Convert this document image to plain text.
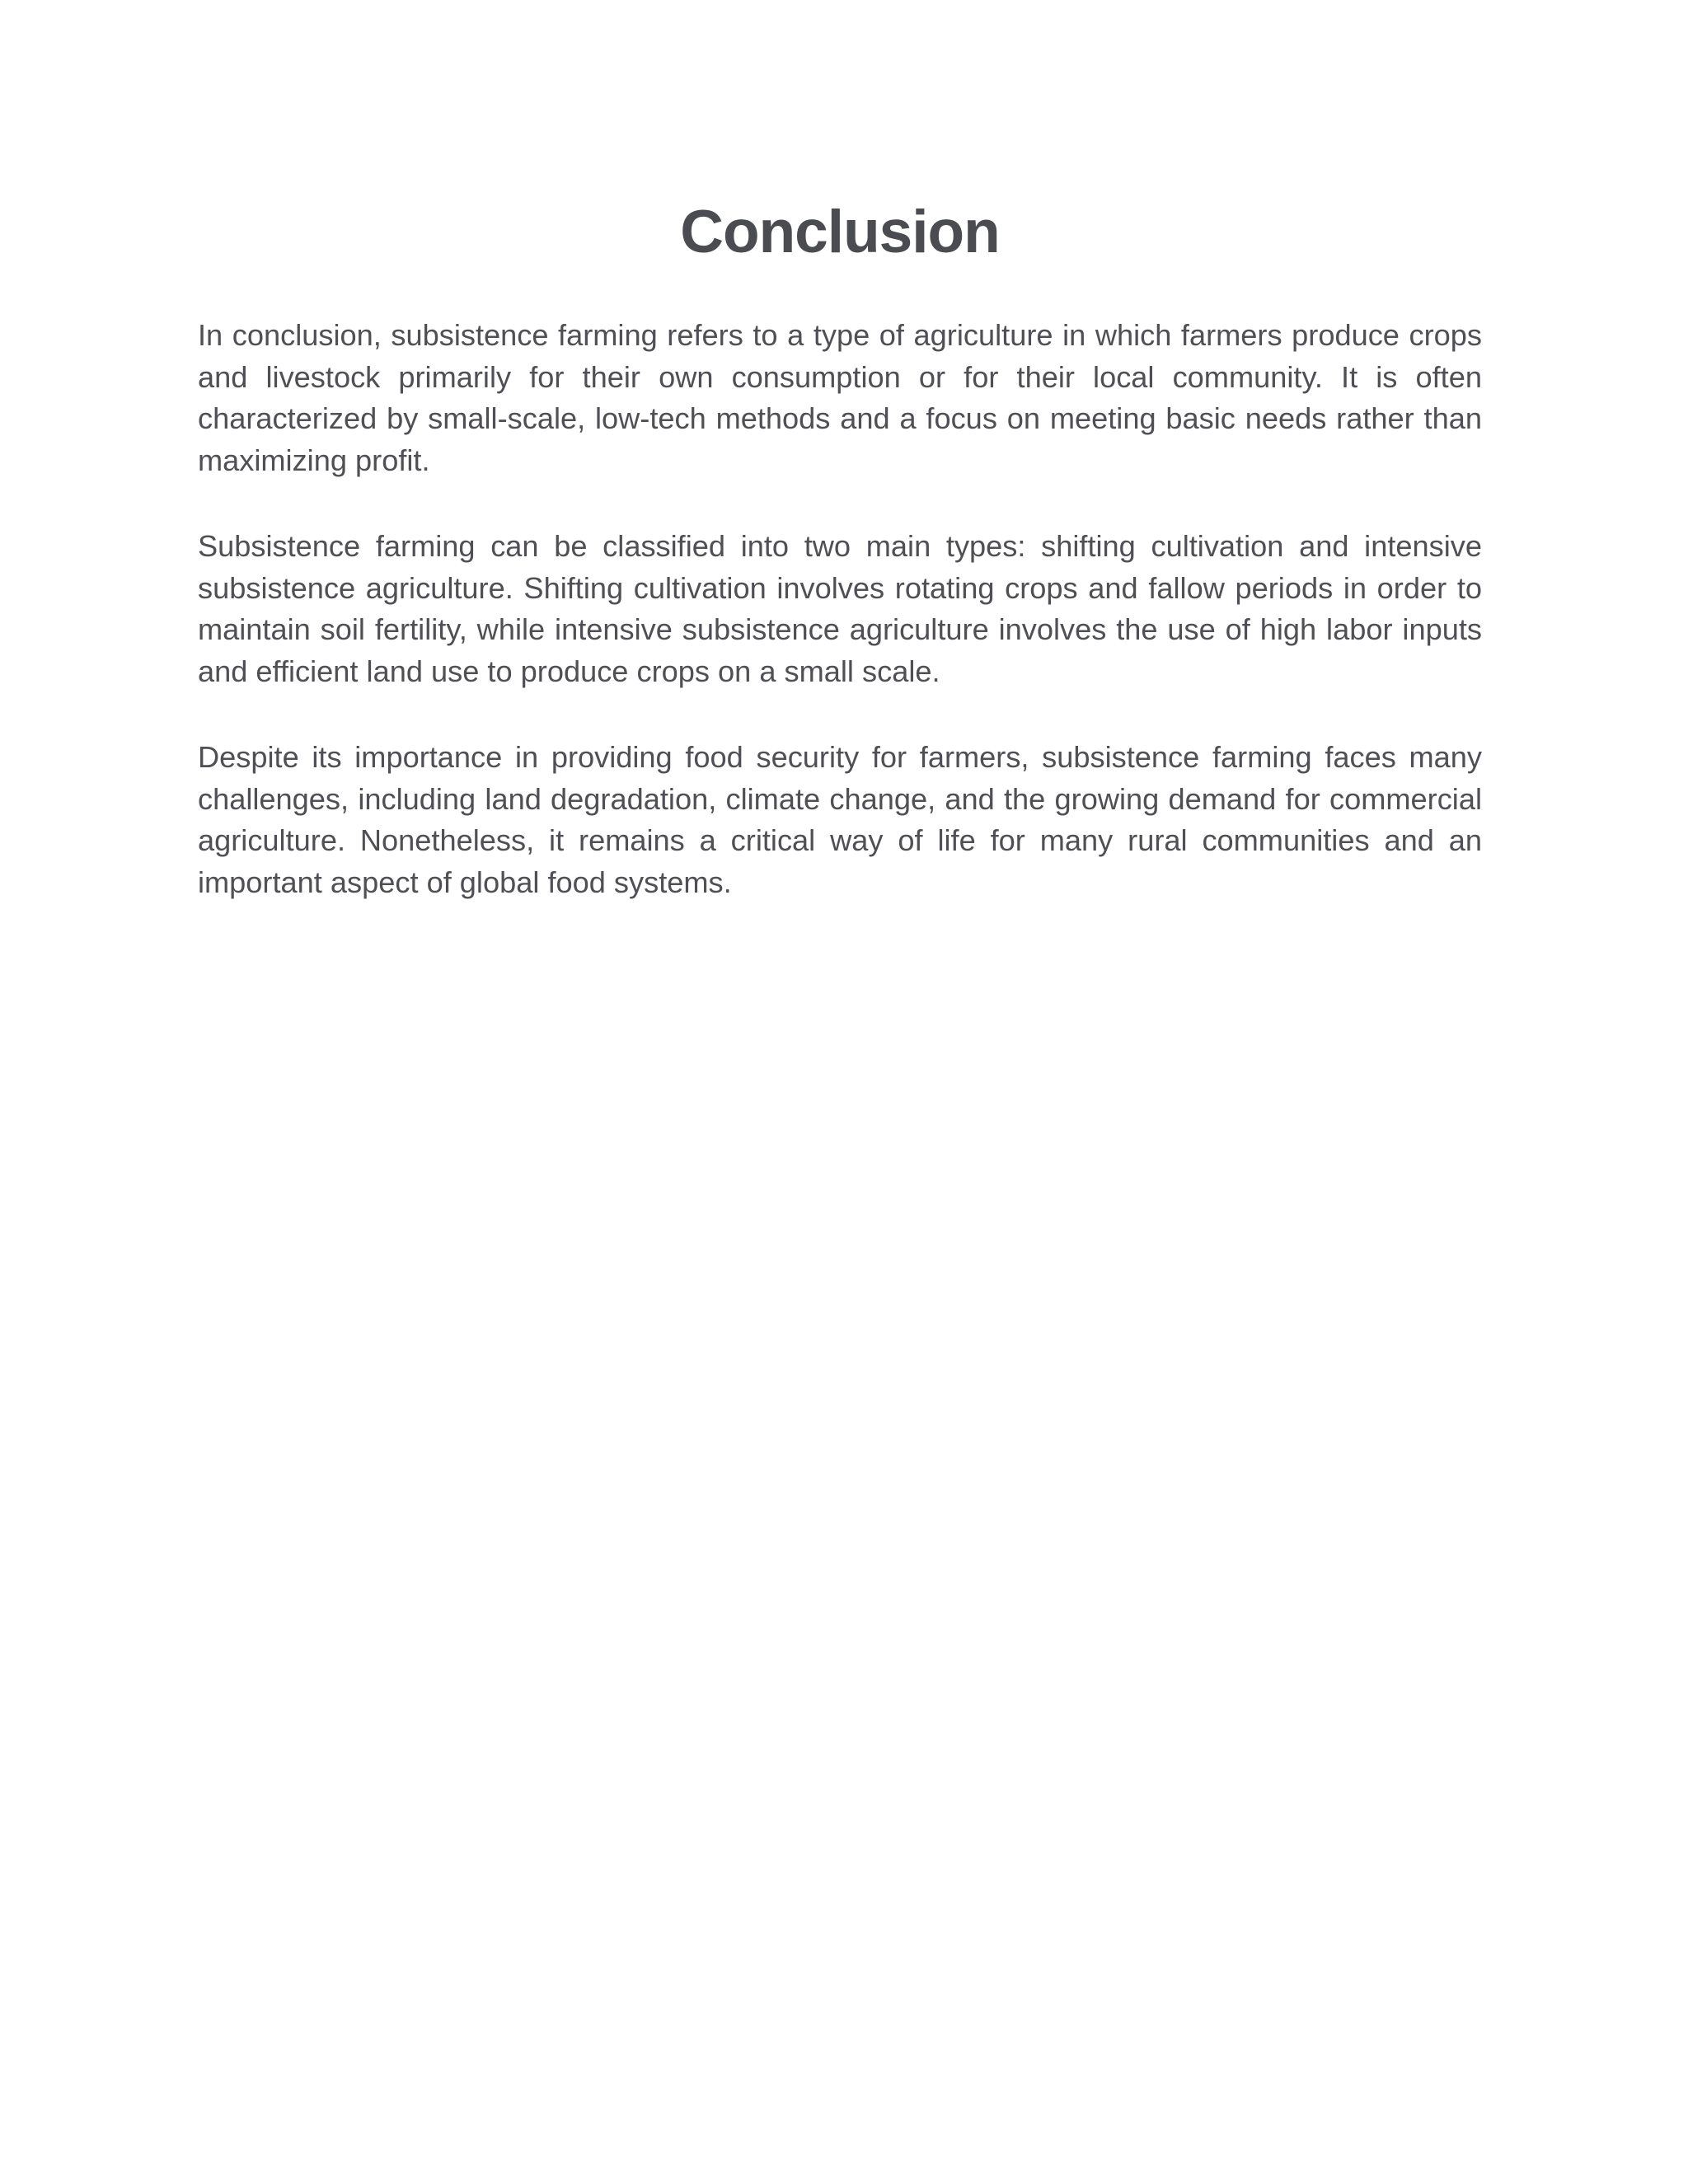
Conclusion

In conclusion, subsistence farming refers to a type of agriculture in which farmers produce crops and livestock primarily for their own consumption or for their local community. It is often characterized by small-scale, low-tech methods and a focus on meeting basic needs rather than maximizing profit.

Subsistence farming can be classified into two main types: shifting cultivation and intensive subsistence agriculture. Shifting cultivation involves rotating crops and fallow periods in order to maintain soil fertility, while intensive subsistence agriculture involves the use of high labor inputs and efficient land use to produce crops on a small scale.

Despite its importance in providing food security for farmers, subsistence farming faces many challenges, including land degradation, climate change, and the growing demand for commercial agriculture. Nonetheless, it remains a critical way of life for many rural communities and an important aspect of global food systems.
